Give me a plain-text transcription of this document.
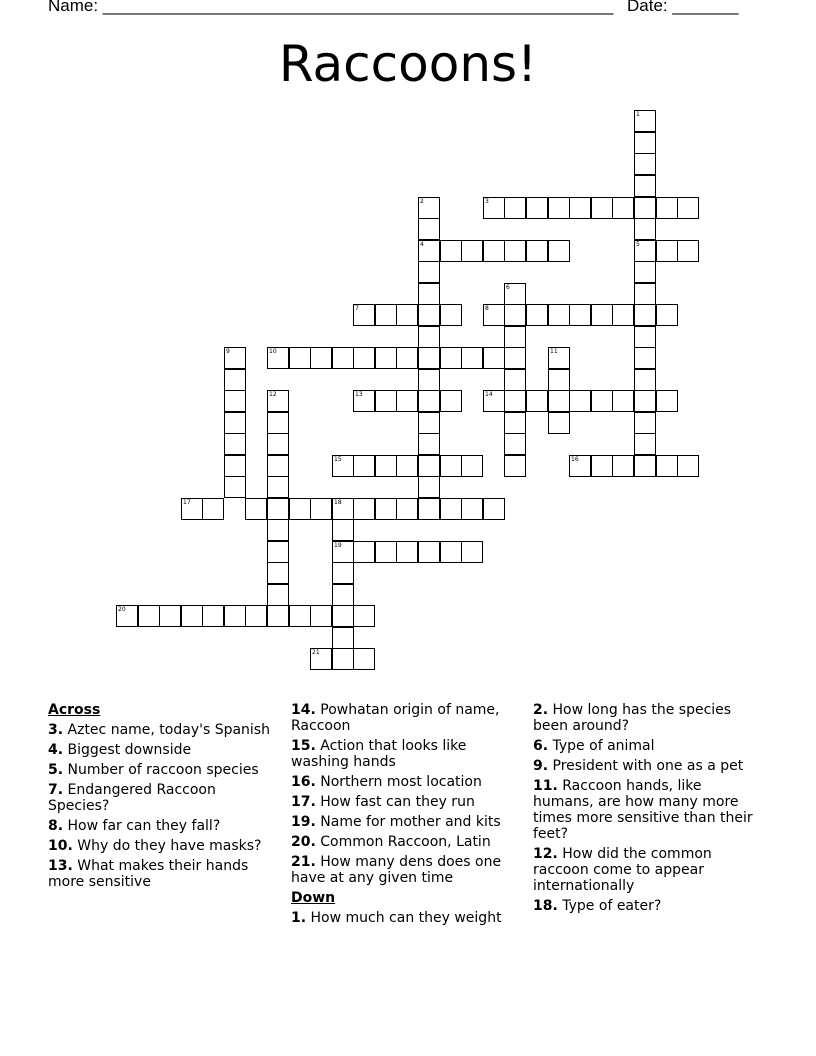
Name: ______________________________________________________ Date: _______
Raccoons!
1
5
2
4
3
6
7	8
9	10	11
12	13	14
15	16
17	18
19
20
21
Across
3. Aztec name, today's Spanish
4. Biggest downside
5. Number of raccoon species
7. Endangered Raccoon Species?
8. How far can they fall?
10. Why do they have masks?
13. What makes their hands more sensitive
14. Powhatan origin of name, Raccoon
15. Action that looks like washing hands
16. Northern most location
17. How fast can they run
19. Name for mother and kits
20. Common Raccoon, Latin
21. How many dens does one have at any given time
Down
1. How much can they weight
2. How long has the species been around?
6. Type of animal
9. President with one as a pet
11. Raccoon hands, like humans, are how many more times more sensitive than their feet?
12. How did the common raccoon come to appear internationally
18. Type of eater?
